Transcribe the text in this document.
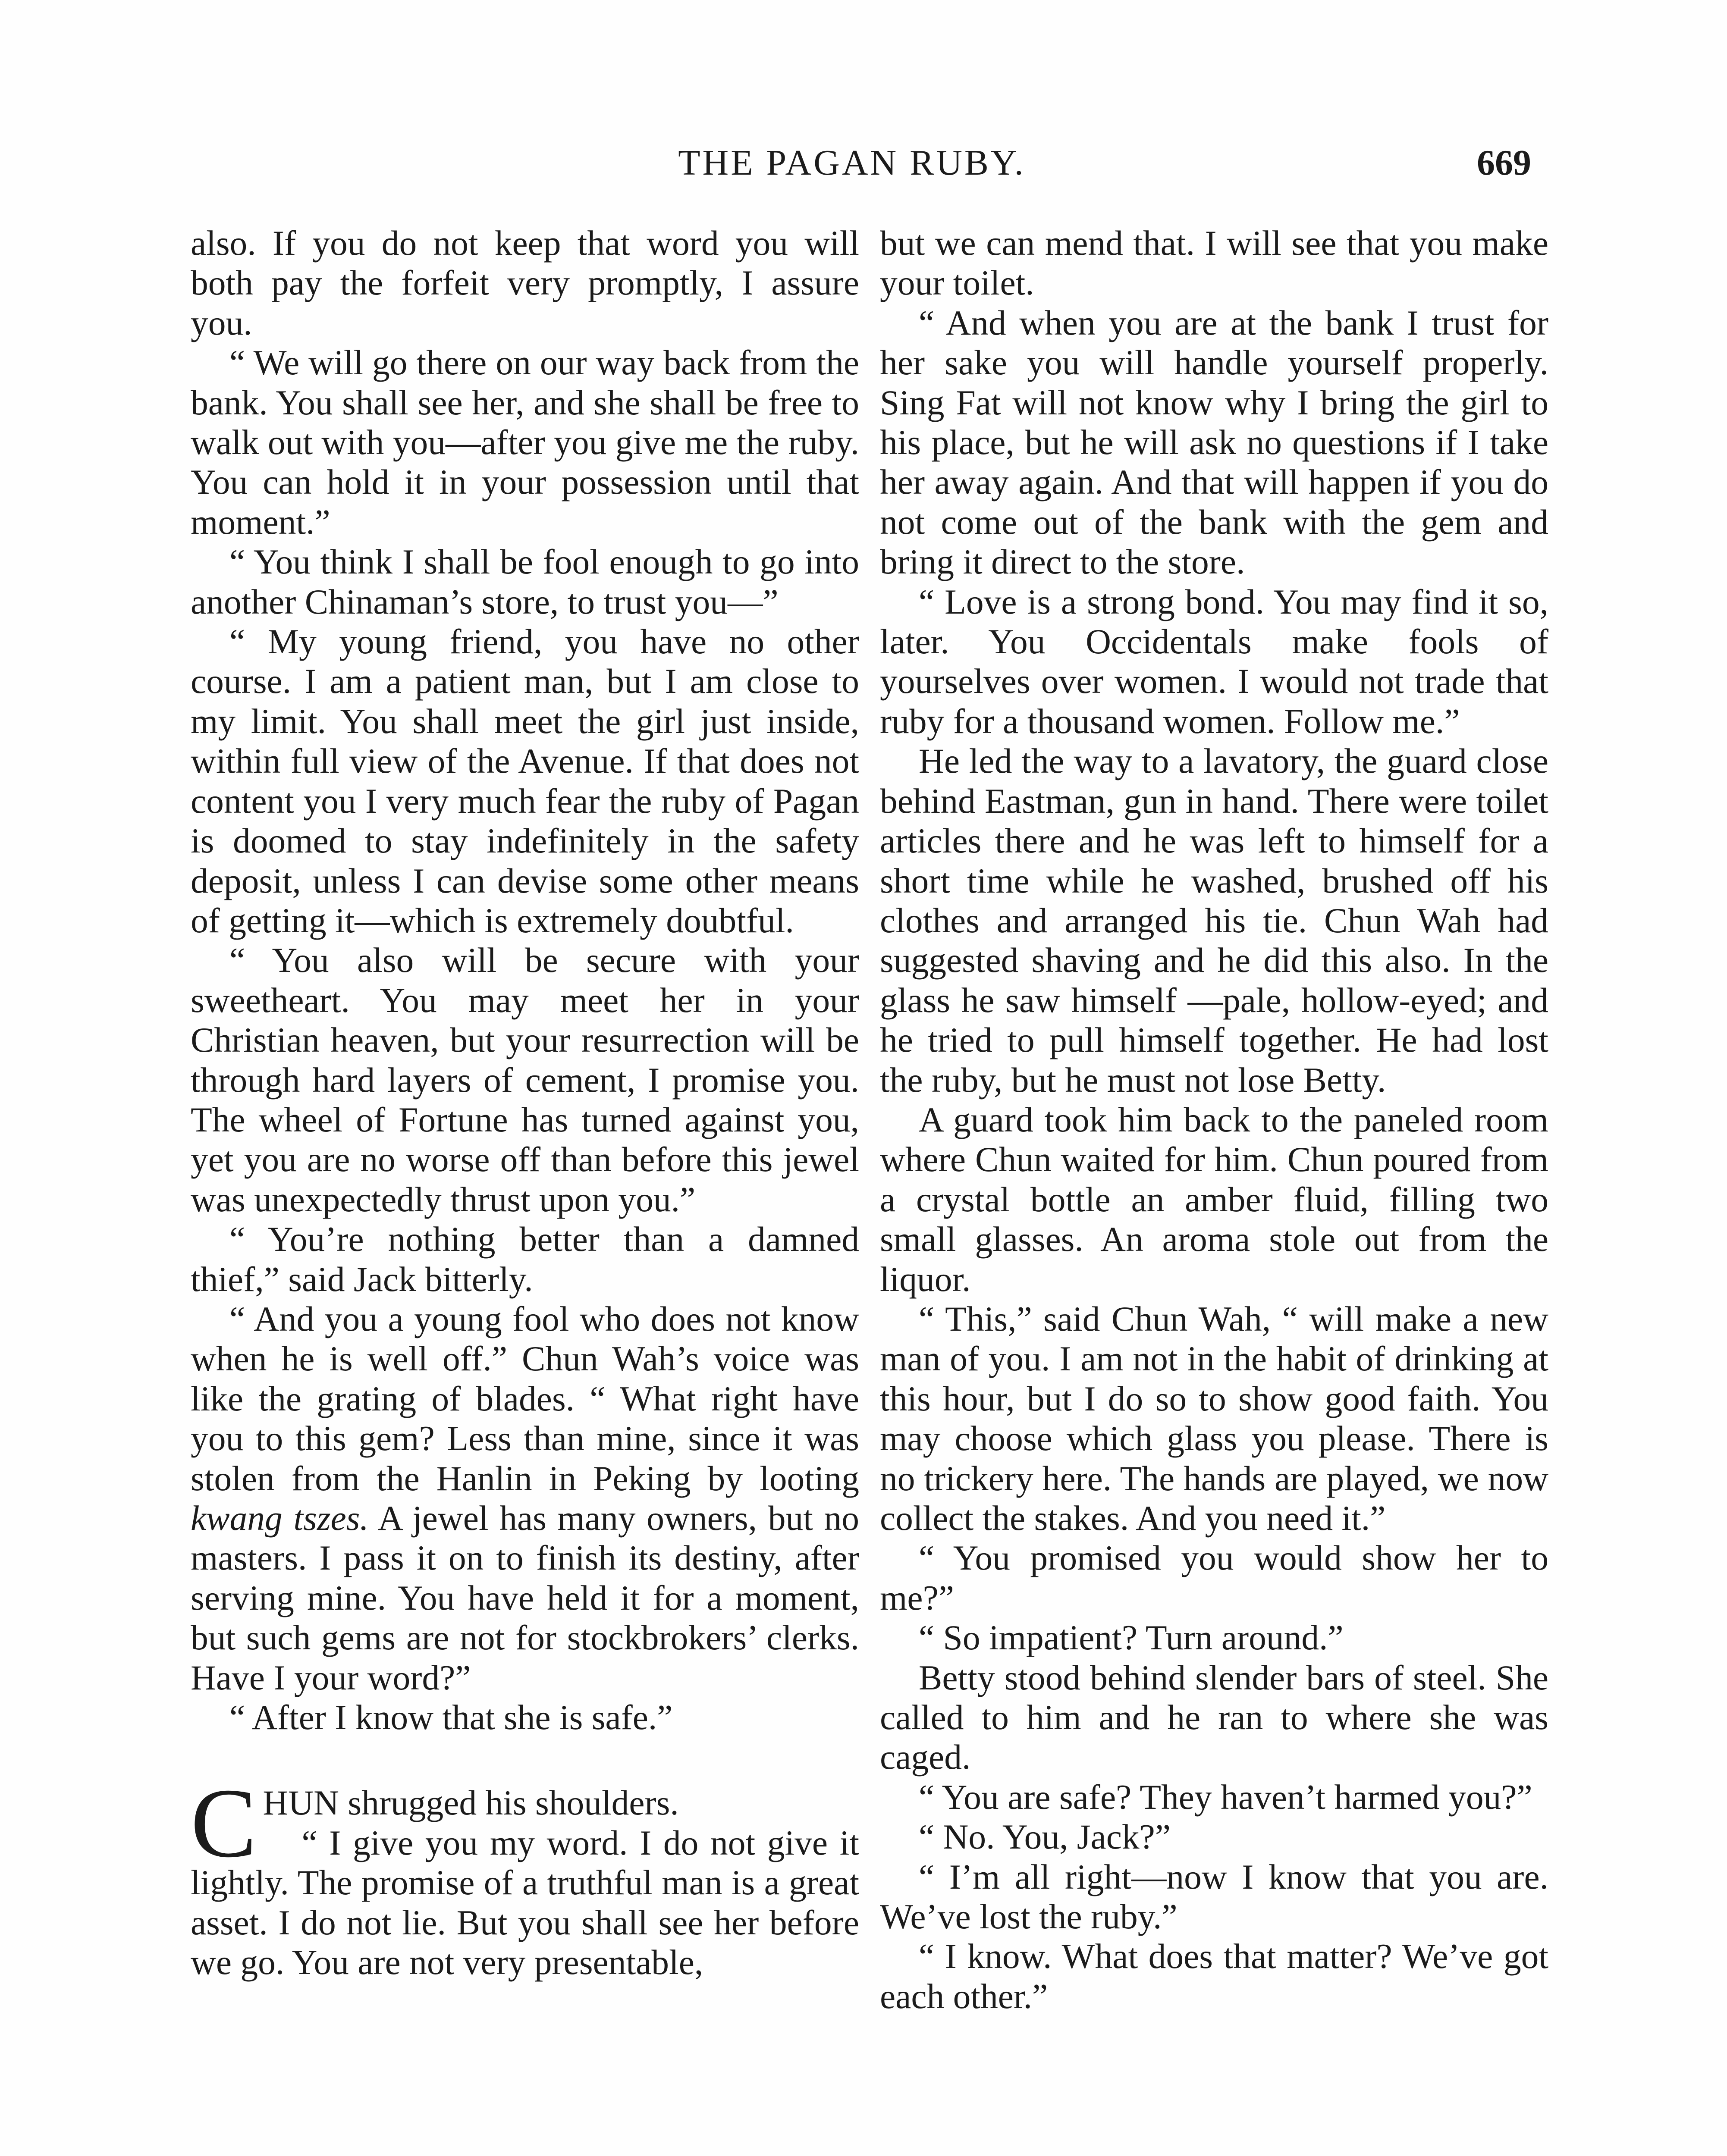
THE PAGAN RUBY.	669

also. If you do not keep that word you will both pay the forfeit very promptly, I assure you.

“ We will go there on our way back from the bank. You shall see her, and she shall be free to walk out with you—after you give me the ruby. You can hold it in your possession until that moment.”

“ You think I shall be fool enough to go into another Chinaman’s store, to trust you—”

“ My young friend, you have no other course. I am a patient man, but I am close to my limit. You shall meet the girl just inside, within full view of the Avenue. If that does not content you I very much fear the ruby of Pagan is doomed to stay indefinitely in the safety deposit, unless I can devise some other means of getting it—which is extremely doubtful.

“ You also will be secure with your sweetheart. You may meet her in your Christian heaven, but your resurrection will be through hard layers of cement, I promise you. The wheel of Fortune has turned against you, yet you are no worse off than before this jewel was unexpectedly thrust upon you.”

“ You’re nothing better than a damned thief,” said Jack bitterly.

“ And you a young fool who does not know when he is well off.” Chun Wah’s voice was like the grating of blades. “ What right have you to this gem? Less than mine, since it was stolen from the Hanlin in Peking by looting kwang tszes. A jewel has many owners, but no masters. I pass it on to finish its destiny, after serving mine. You have held it for a moment, but such gems are not for stockbrokers’ clerks. Have I your word?”

“ After I know that she is safe.”

CHUN shrugged his shoulders.
“ I give you my word. I do not give it lightly. The promise of a truthful man is a great asset. I do not lie. But you shall see her before we go. You are not very presentable,

but we can mend that. I will see that you make your toilet.

“ And when you are at the bank I trust for her sake you will handle yourself properly. Sing Fat will not know why I bring the girl to his place, but he will ask no questions if I take her away again. And that will happen if you do not come out of the bank with the gem and bring it direct to the store.

“ Love is a strong bond. You may find it so, later. You Occidentals make fools of yourselves over women. I would not trade that ruby for a thousand women. Follow me.”

He led the way to a lavatory, the guard close behind Eastman, gun in hand. There were toilet articles there and he was left to himself for a short time while he washed, brushed off his clothes and arranged his tie. Chun Wah had suggested shaving and he did this also. In the glass he saw himself —pale, hollow-eyed; and he tried to pull himself together. He had lost the ruby, but he must not lose Betty.

A guard took him back to the paneled room where Chun waited for him. Chun poured from a crystal bottle an amber fluid, filling two small glasses. An aroma stole out from the liquor.

“ This,” said Chun Wah, “ will make a new man of you. I am not in the habit of drinking at this hour, but I do so to show good faith. You may choose which glass you please. There is no trickery here. The hands are played, we now collect the stakes. And you need it.”

“ You promised you would show her to me?”

“ So impatient? Turn around.”

Betty stood behind slender bars of steel. She called to him and he ran to where she was caged.

“ You are safe? They haven’t harmed you?”

“ No. You, Jack?”

“ I’m all right—now I know that you are. We’ve lost the ruby.”

“ I know. What does that matter? We’ve got each other.”
